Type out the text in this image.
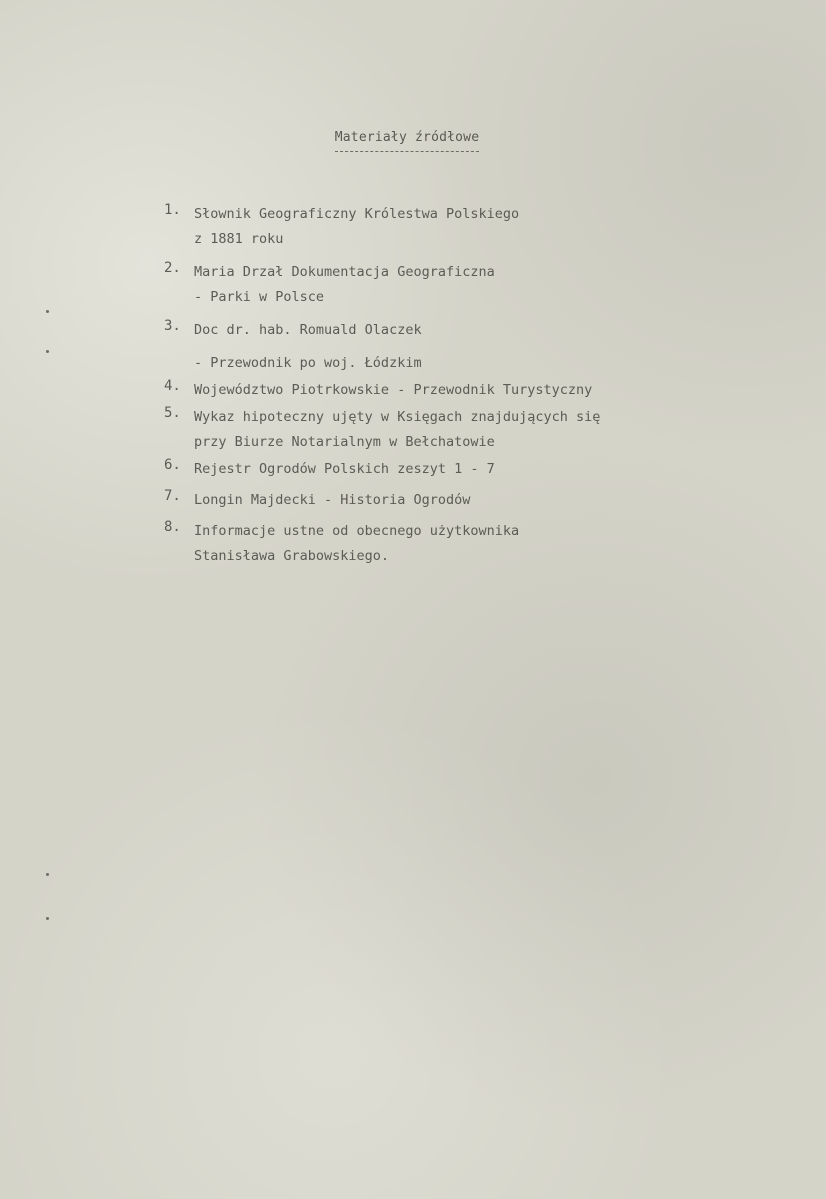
Materiały źródłowe
1. Słownik Geograficzny Królestwa Polskiego
z 1881 roku
2. Maria Drzał Dokumentacja Geograficzna
- Parki w Polsce
3. Doc dr. hab. Romuald Olaczek
- Przewodnik po woj. Łódzkim
4. Województwo Piotrkowskie - Przewodnik Turystyczny
5. Wykaz hipoteczny ujęty w Księgach znajdujących się
przy Biurze Notarialnym w Bełchatowie
6. Rejestr Ogrodów Polskich zeszyt 1 - 7
7. Longin Majdecki - Historia Ogrodów
8. Informacje ustne od obecnego użytkownika
Stanisława Grabowskiego.
